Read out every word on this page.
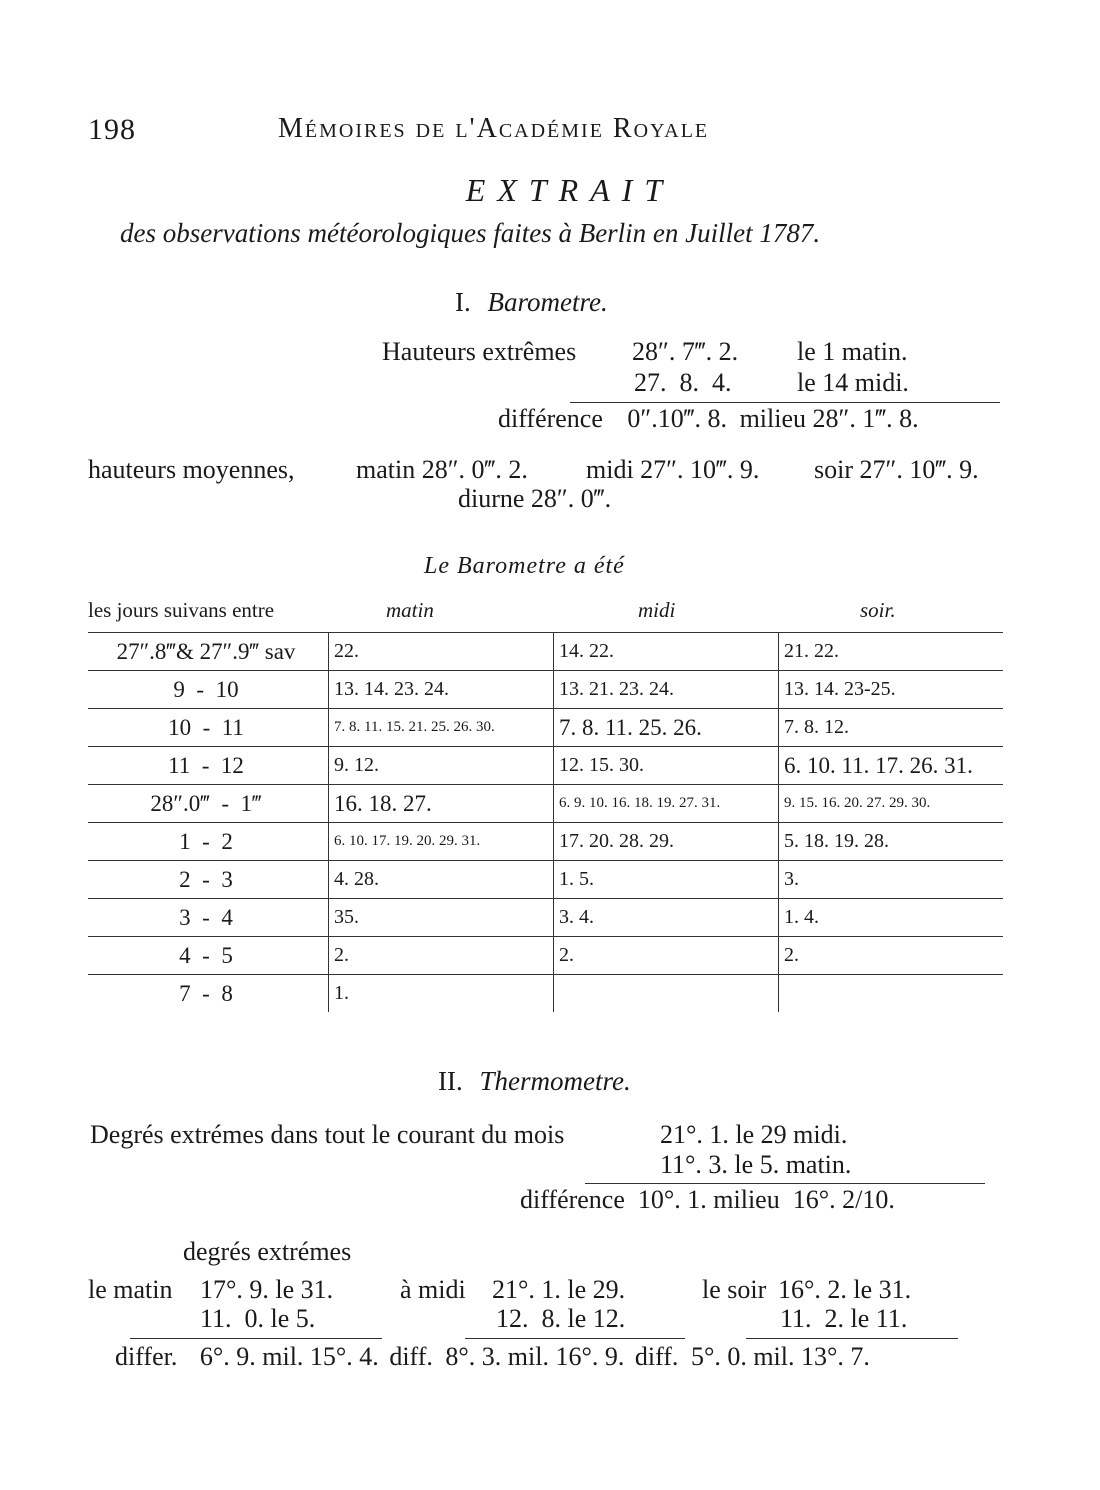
198	Mémoires de l'Académie Royale
EXTRAIT
des observations météorologiques faites à Berlin en Juillet 1787.
I. Barometre.
Hauteurs extrêmes 28″. 7‴. 2. le 1 matin.
27.  8.  4.	le 14 midi.
différence 0″.10‴. 8. milieu 28″. 1‴. 8.
hauteurs moyennes, matin 28″. 0‴. 2. midi 27″. 10‴. 9. soir 27″. 10‴. 9.
diurne 28″. 0‴.
Le Barometre a été
les jours suivans entre	matin	midi	soir.
27″.8‴& 27″.9‴ sav	22.	14. 22.	21. 22.
9  -  10	13. 14. 23. 24.	13. 21. 23. 24.	13. 14. 23-25.
10  -  11	7. 8. 11. 15. 21. 25. 26. 30.	7. 8. 11. 25. 26.	7. 8. 12.
11  -  12	9. 12.	12. 15. 30.	6. 10. 11. 17. 26. 31.
28″.0‴  -  1‴	16. 18. 27.	6. 9. 10. 16. 18. 19. 27. 31.	9. 15. 16. 20. 27. 29. 30.
1  -  2	6. 10. 17. 19. 20. 29. 31.	17. 20. 28. 29.	5. 18. 19. 28.
2  -  3	4. 28.	1. 5.	3.
3  -  4	35.	3. 4.	1. 4.
4  -  5	2.	2.	2.
7  -  8	1.
II. Thermometre.
Degrés extrémes dans tout le courant du mois	21°. 1. le 29 midi.
11°. 3. le 5. matin.
différence  10°. 1. milieu  16°. 2/10.
degrés extrémes
le matin 17°. 9. le 31.	à midi 21°. 1. le 29.	le soir 16°. 2. le 31.
11.  0. le 5.	12.  8. le 12.	11.  2. le 11.
differ. 6°. 9. mil. 15°. 4. diff. 8°. 3. mil. 16°. 9. diff. 5°. 0. mil. 13°. 7.
